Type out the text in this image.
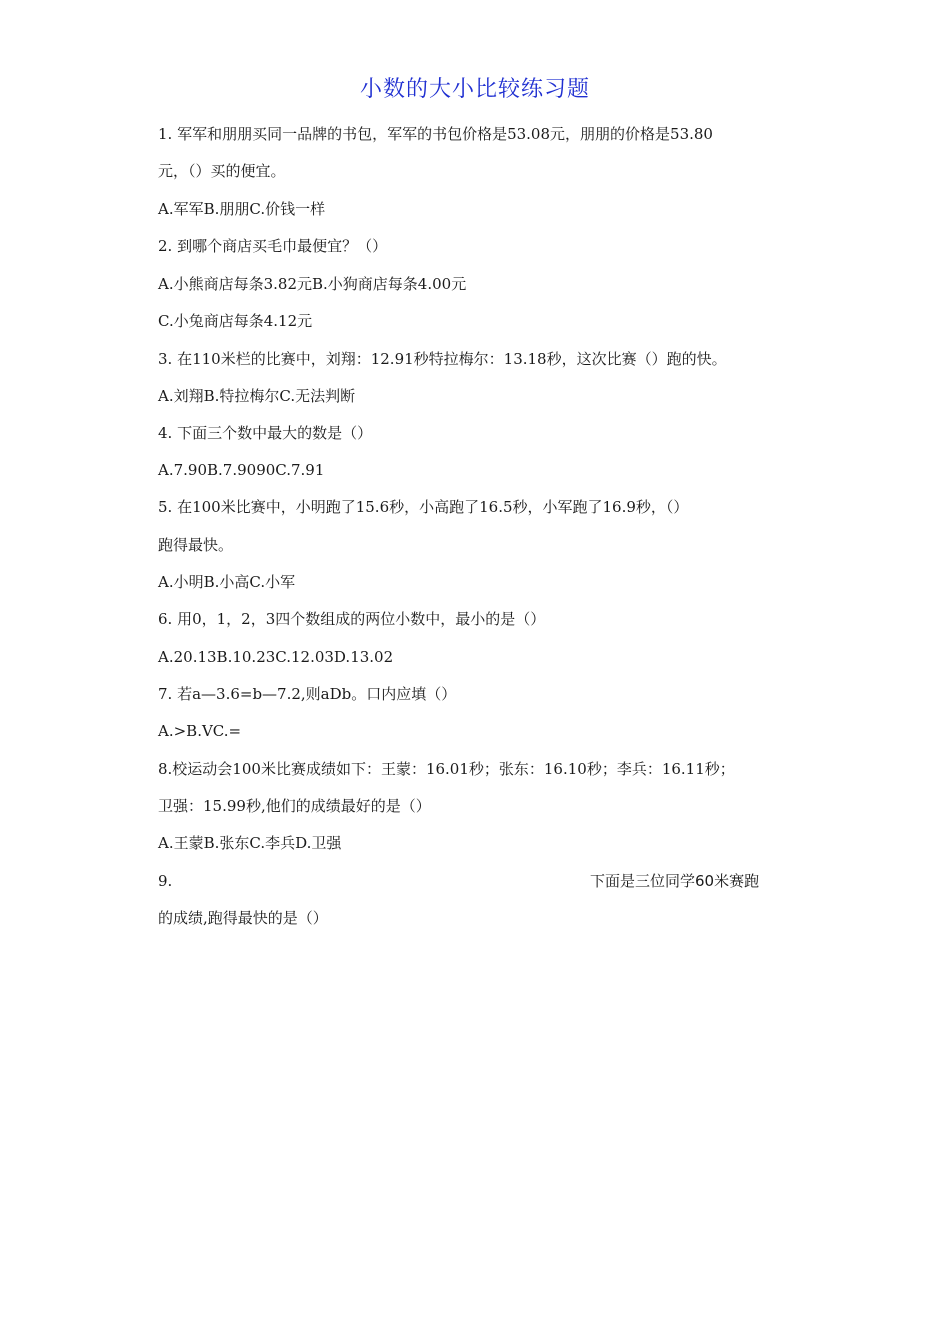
小数的大小比较练习题
1. 军军和朋朋买同一品牌的书包，军军的书包价格是53.08元，朋朋的价格是53.80
元，（）买的便宜。
A.军军B.朋朋C.价钱一样
2. 到哪个商店买毛巾最便宜？（）
A.小熊商店每条3.82元B.小狗商店每条4.00元
C.小兔商店每条4.12元
3. 在110米栏的比赛中，刘翔：12.91秒特拉梅尔：13.18秒，这次比赛（）跑的快。
A.刘翔B.特拉梅尔C.无法判断
4. 下面三个数中最大的数是（）
A.7.90B.7.9090C.7.91
5. 在100米比赛中，小明跑了15.6秒，小高跑了16.5秒，小军跑了16.9秒，（）
跑得最快。
A.小明B.小高C.小军
6. 用0，1，2，3四个数组成的两位小数中，最小的是（）
A.20.13B.10.23C.12.03D.13.02
7. 若a—3.6=b—7.2,则aDb。口内应填（）
A.>B.VC.=
8.校运动会100米比赛成绩如下：王蒙：16.01秒；张东：16.10秒；李兵：16.11秒；
卫强：15.99秒,他们的成绩最好的是（）
A.王蒙B.张东C.李兵D.卫强
9.	下面是三位同学60米赛跑
的成绩,跑得最快的是（）
